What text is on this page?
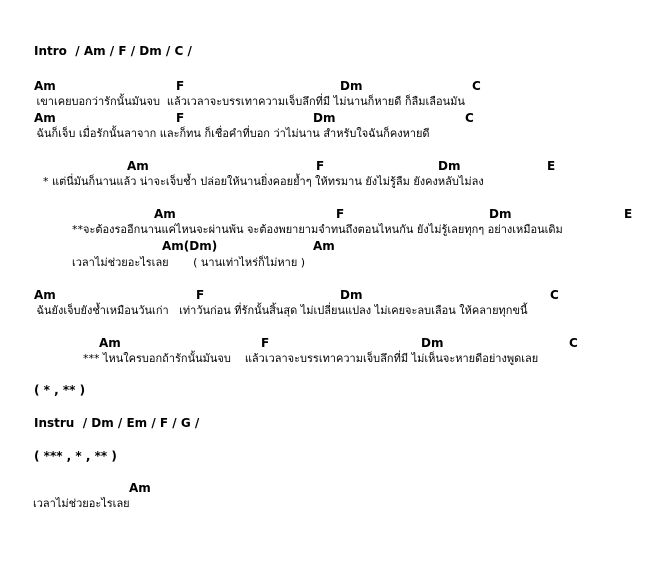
Intro  / Am / F / Dm / C /

Am

	F

	Dm

	C

เขาเคยบอกว่ารักนั้นมันจบ  แล้วเวลาจะบรรเทาความเจ็บลึกที่มี ไม่นานก็หายดี ก็ลืมเลือนมัน

Am

	F

	Dm

	C

ฉันก็เจ็บ เมื่อรักนั้นลาจาก และก็ทน ก็เชื่อคำที่บอก ว่าไม่นาน สำหรับใจฉันก็คงหายดี

Am

	F

	Dm

	E

* แต่นี่มันก็นานแล้ว น่าจะเจ็บช้ำ ปล่อยให้นานยิ่งคอยย้ำๆ ให้ทรมาน ยังไม่รู้ลืม ยังคงหลับไม่ลง

Am

	F

	Dm

	E

**จะต้องรออีกนานแค่ไหนจะผ่านพ้น จะต้องพยายามจำทนถึงตอนไหนกัน ยังไม่รู้เลยทุกๆ อย่างเหมือนเดิม

Am(Dm)

	Am

เวลาไม่ช่วยอะไรเลย       ( นานเท่าไหร่ก็ไม่หาย )

Am

	F

	Dm

	C

ฉันยังเจ็บยังช้ำเหมือนวันเก่า   เท่าวันก่อน ที่รักนั้นสิ้นสุด ไม่เปลี่ยนแปลง ไม่เคยจะลบเลือน ให้คลายทุกขนี้

Am

	F

	Dm

	C

*** ไหนใครบอกถ้ารักนั้นมันจบ    แล้วเวลาจะบรรเทาความเจ็บลึกที่มี ไม่เห็นจะหายดีอย่างพูดเลย
( * , ** )
Instru  / Dm / Em / F / G /
( *** , * , ** )

Am

เวลาไม่ช่วยอะไรเลย
